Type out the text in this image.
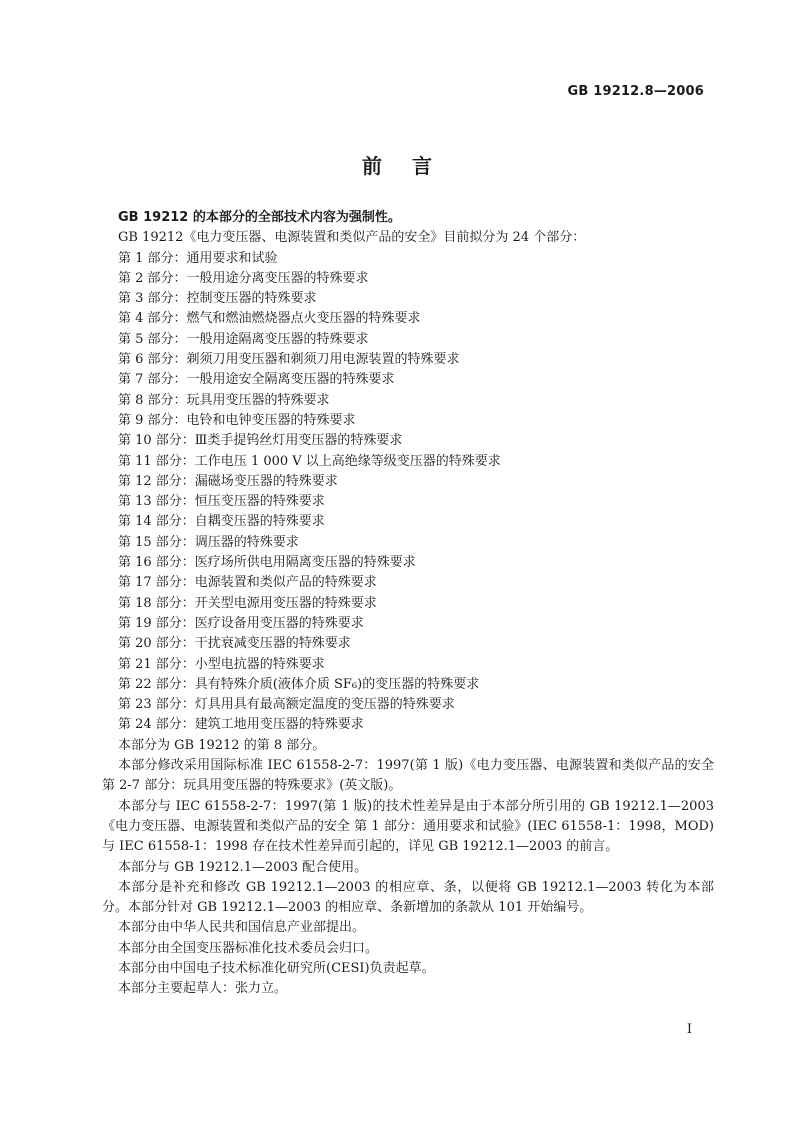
GB 19212.8—2006
前言

GB 19212 的本部分的全部技术内容为强制性。

GB 19212《电力变压器、电源装置和类似产品的安全》目前拟分为 24 个部分：

第 1 部分：通用要求和试验
第 2 部分：一般用途分离变压器的特殊要求
第 3 部分：控制变压器的特殊要求
第 4 部分：燃气和燃油燃烧器点火变压器的特殊要求
第 5 部分：一般用途隔离变压器的特殊要求
第 6 部分：剃须刀用变压器和剃须刀用电源装置的特殊要求
第 7 部分：一般用途安全隔离变压器的特殊要求
第 8 部分：玩具用变压器的特殊要求
第 9 部分：电铃和电钟变压器的特殊要求
第 10 部分：Ⅲ类手提钨丝灯用变压器的特殊要求
第 11 部分：工作电压 1 000 V 以上高绝缘等级变压器的特殊要求
第 12 部分：漏磁场变压器的特殊要求
第 13 部分：恒压变压器的特殊要求
第 14 部分：自耦变压器的特殊要求
第 15 部分：调压器的特殊要求
第 16 部分：医疗场所供电用隔离变压器的特殊要求
第 17 部分：电源装置和类似产品的特殊要求
第 18 部分：开关型电源用变压器的特殊要求
第 19 部分：医疗设备用变压器的特殊要求
第 20 部分：干扰衰减变压器的特殊要求
第 21 部分：小型电抗器的特殊要求
第 22 部分：具有特殊介质(液体介质 SF₆)的变压器的特殊要求
第 23 部分：灯具用具有最高额定温度的变压器的特殊要求
第 24 部分：建筑工地用变压器的特殊要求

本部分为 GB 19212 的第 8 部分。

本部分修改采用国际标准 IEC 61558-2-7：1997(第 1 版)《电力变压器、电源装置和类似产品的安全 第 2-7 部分：玩具用变压器的特殊要求》(英文版)。

本部分与 IEC 61558-2-7：1997(第 1 版)的技术性差异是由于本部分所引用的 GB 19212.1—2003《电力变压器、电源装置和类似产品的安全 第 1 部分：通用要求和试验》(IEC 61558-1：1998，MOD)与 IEC 61558-1：1998 存在技术性差异而引起的，详见 GB 19212.1—2003 的前言。

本部分与 GB 19212.1—2003 配合使用。

本部分是补充和修改 GB 19212.1—2003 的相应章、条，以便将 GB 19212.1—2003 转化为本部分。本部分针对 GB 19212.1—2003 的相应章、条新增加的条款从 101 开始编号。

本部分由中华人民共和国信息产业部提出。

本部分由全国变压器标准化技术委员会归口。

本部分由中国电子技术标准化研究所(CESI)负责起草。

本部分主要起草人：张力立。

I
